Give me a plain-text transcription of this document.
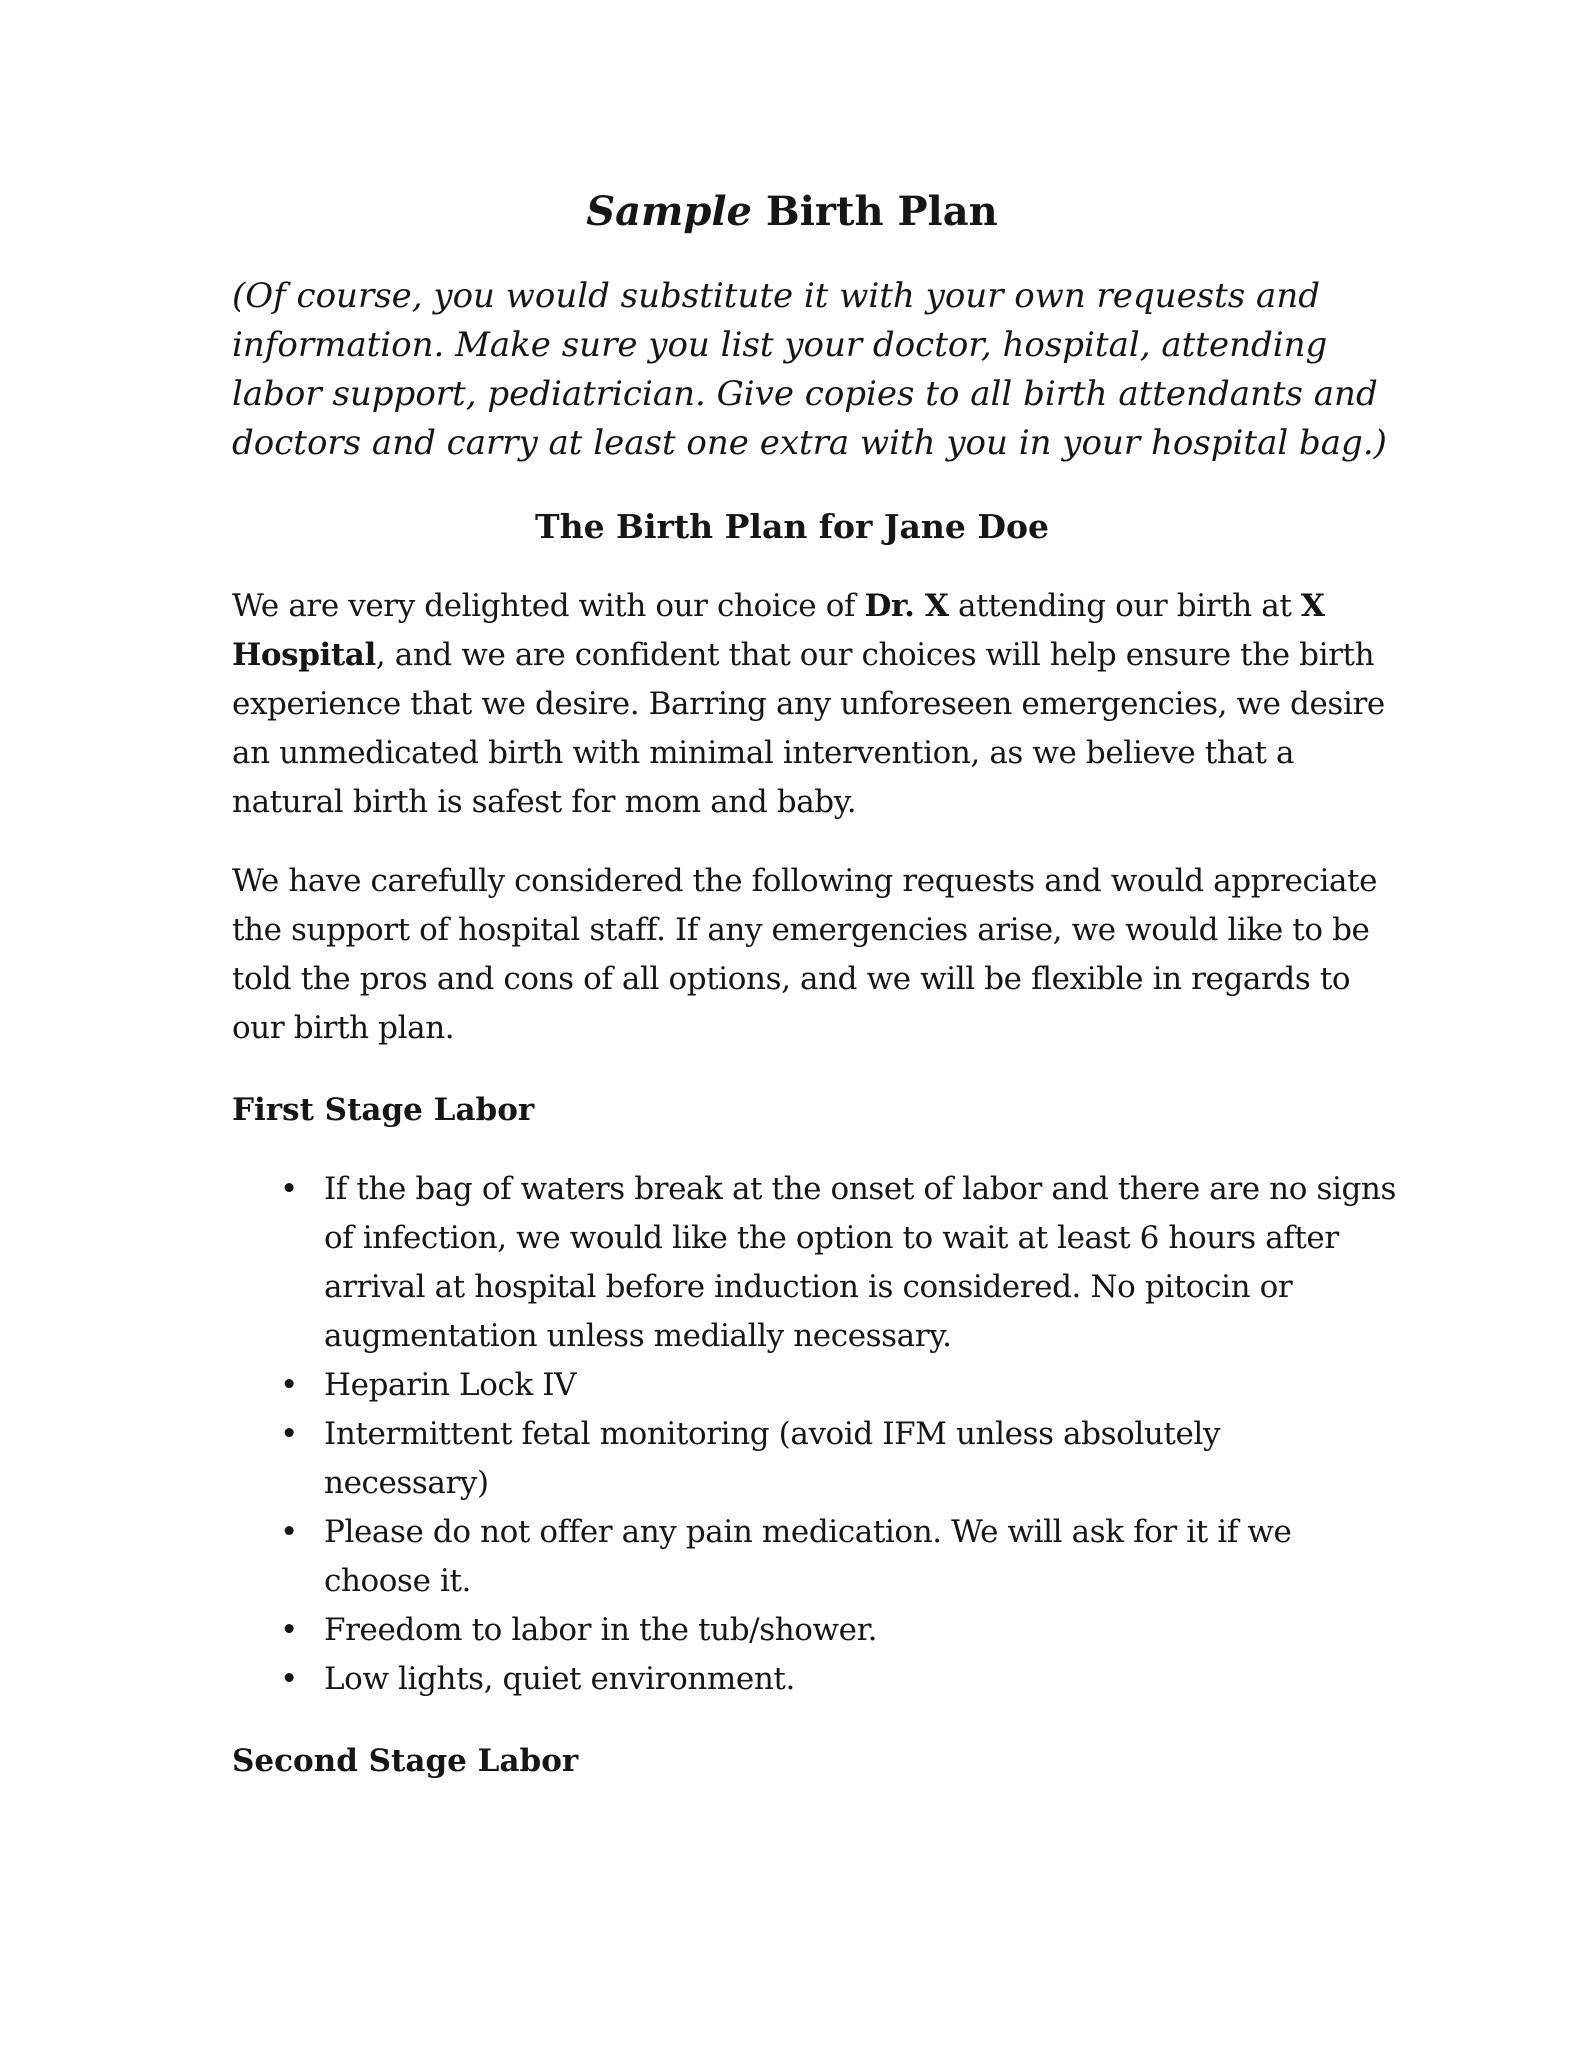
Sample Birth Plan
(Of course, you would substitute it with your own requests and
information. Make sure you list your doctor, hospital, attending
labor support, pediatrician. Give copies to all birth attendants and
doctors and carry at least one extra with you in your hospital bag.)
The Birth Plan for Jane Doe
We are very delighted with our choice of Dr. X attending our birth at X
Hospital, and we are confident that our choices will help ensure the birth
experience that we desire. Barring any unforeseen emergencies, we desire
an unmedicated birth with minimal intervention, as we believe that a
natural birth is safest for mom and baby.
We have carefully considered the following requests and would appreciate
the support of hospital staff. If any emergencies arise, we would like to be
told the pros and cons of all options, and we will be flexible in regards to
our birth plan.
First Stage Labor
• If the bag of waters break at the onset of labor and there are no signs
of infection, we would like the option to wait at least 6 hours after
arrival at hospital before induction is considered. No pitocin or
augmentation unless medially necessary.
• Heparin Lock IV
• Intermittent fetal monitoring (avoid IFM unless absolutely
necessary)
• Please do not offer any pain medication. We will ask for it if we
choose it.
• Freedom to labor in the tub/shower.
• Low lights, quiet environment.
Second Stage Labor
